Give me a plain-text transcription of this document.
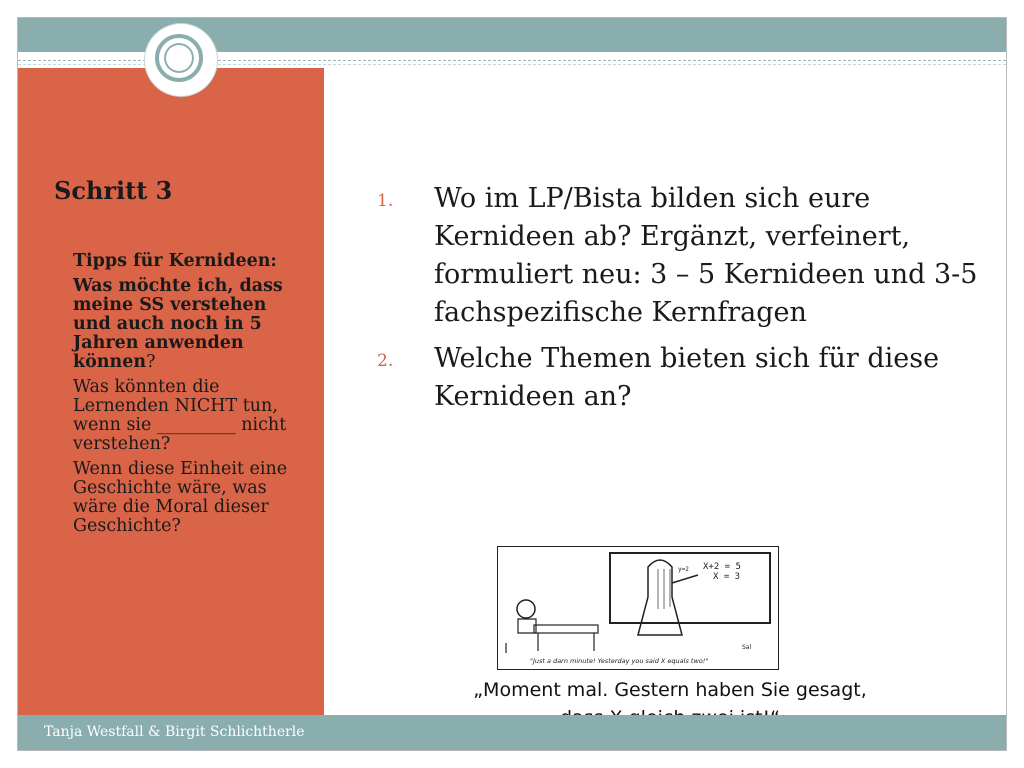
Schritt 3

Tipps für Kernideen:

Was möchte ich, dass meine SS verstehen und auch noch in 5 Jahren anwenden können?

Was könnten die Lernenden NICHT tun, wenn sie _________ nicht verstehen?

Wenn diese Einheit eine Geschichte wäre, was wäre die Moral dieser Geschichte?

1. Wo im LP/Bista bilden sich eure Kernideen ab? Ergänzt, verfeinert, formuliert neu: 3 – 5 Kernideen und 3-5 fachspezifische Kernfragen
2. Welche Themen bieten sich für diese Kernideen an?
X+2 = 5
X = 3
y=2
Sal
"Just a darn minute! Yesterday you said X equals two!"
„Moment mal. Gestern haben Sie gesagt,
Tanja Westfall & Birgit Schlichtherle
